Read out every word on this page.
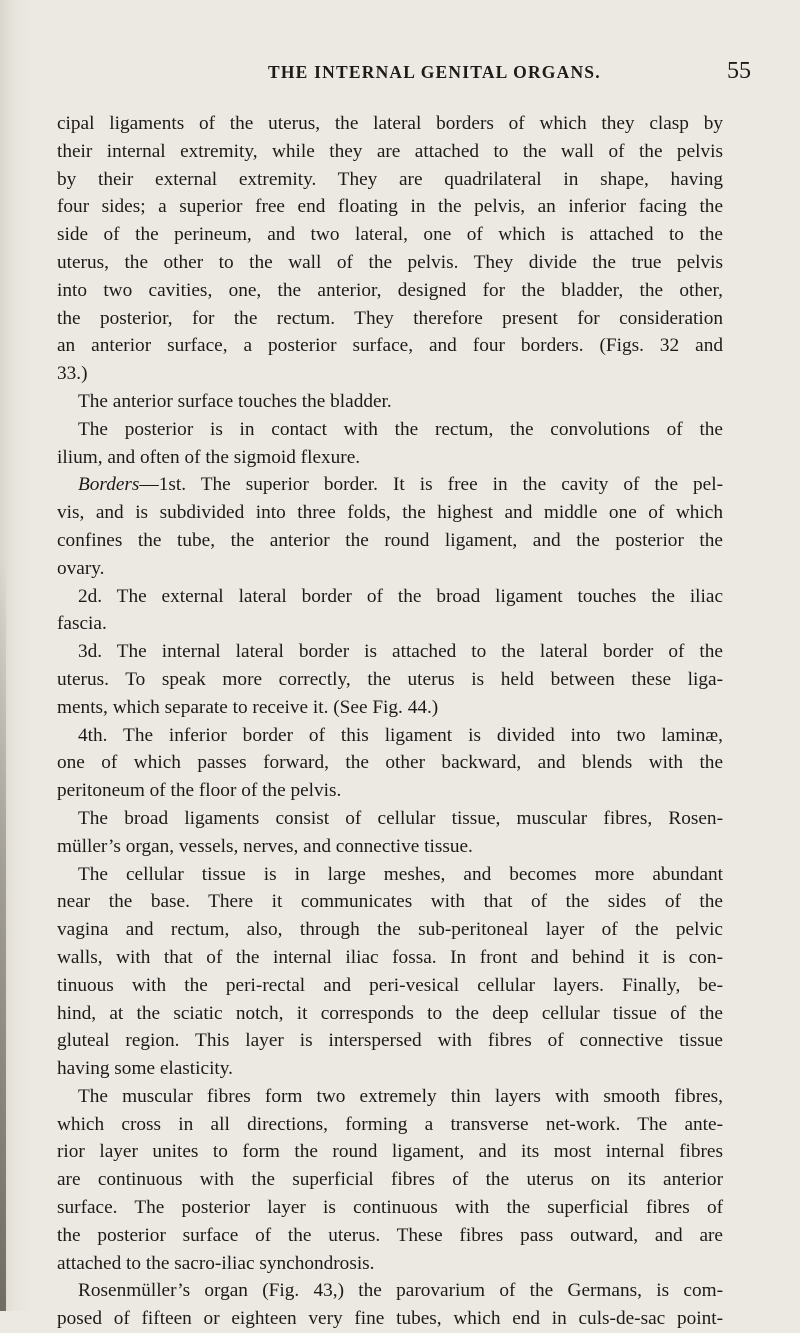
THE INTERNAL GENITAL ORGANS.	55
cipal ligaments of the uterus, the lateral borders of which they clasp by
their internal extremity, while they are attached to the wall of the pelvis
by their external extremity. They are quadrilateral in shape, having
four sides; a superior free end floating in the pelvis, an inferior facing the
side of the perineum, and two lateral, one of which is attached to the
uterus, the other to the wall of the pelvis. They divide the true pelvis
into two cavities, one, the anterior, designed for the bladder, the other,
the posterior, for the rectum. They therefore present for consideration
an anterior surface, a posterior surface, and four borders. (Figs. 32 and
33.)
The anterior surface touches the bladder.
The posterior is in contact with the rectum, the convolutions of the
ilium, and often of the sigmoid flexure.
Borders—1st. The superior border. It is free in the cavity of the pel-
vis, and is subdivided into three folds, the highest and middle one of which
confines the tube, the anterior the round ligament, and the posterior the
ovary.
2d. The external lateral border of the broad ligament touches the iliac
fascia.
3d. The internal lateral border is attached to the lateral border of the
uterus. To speak more correctly, the uterus is held between these liga-
ments, which separate to receive it. (See Fig. 44.)
4th. The inferior border of this ligament is divided into two laminæ,
one of which passes forward, the other backward, and blends with the
peritoneum of the floor of the pelvis.
The broad ligaments consist of cellular tissue, muscular fibres, Rosen-
müller’s organ, vessels, nerves, and connective tissue.
The cellular tissue is in large meshes, and becomes more abundant
near the base. There it communicates with that of the sides of the
vagina and rectum, also, through the sub-peritoneal layer of the pelvic
walls, with that of the internal iliac fossa. In front and behind it is con-
tinuous with the peri-rectal and peri-vesical cellular layers. Finally, be-
hind, at the sciatic notch, it corresponds to the deep cellular tissue of the
gluteal region. This layer is interspersed with fibres of connective tissue
having some elasticity.
The muscular fibres form two extremely thin layers with smooth fibres,
which cross in all directions, forming a transverse net-work. The ante-
rior layer unites to form the round ligament, and its most internal fibres
are continuous with the superficial fibres of the uterus on its anterior
surface. The posterior layer is continuous with the superficial fibres of
the posterior surface of the uterus. These fibres pass outward, and are
attached to the sacro-iliac synchondrosis.
Rosenmüller’s organ (Fig. 43,) the parovarium of the Germans, is com-
posed of fifteen or eighteen very fine tubes, which end in culs-de-sac point-
